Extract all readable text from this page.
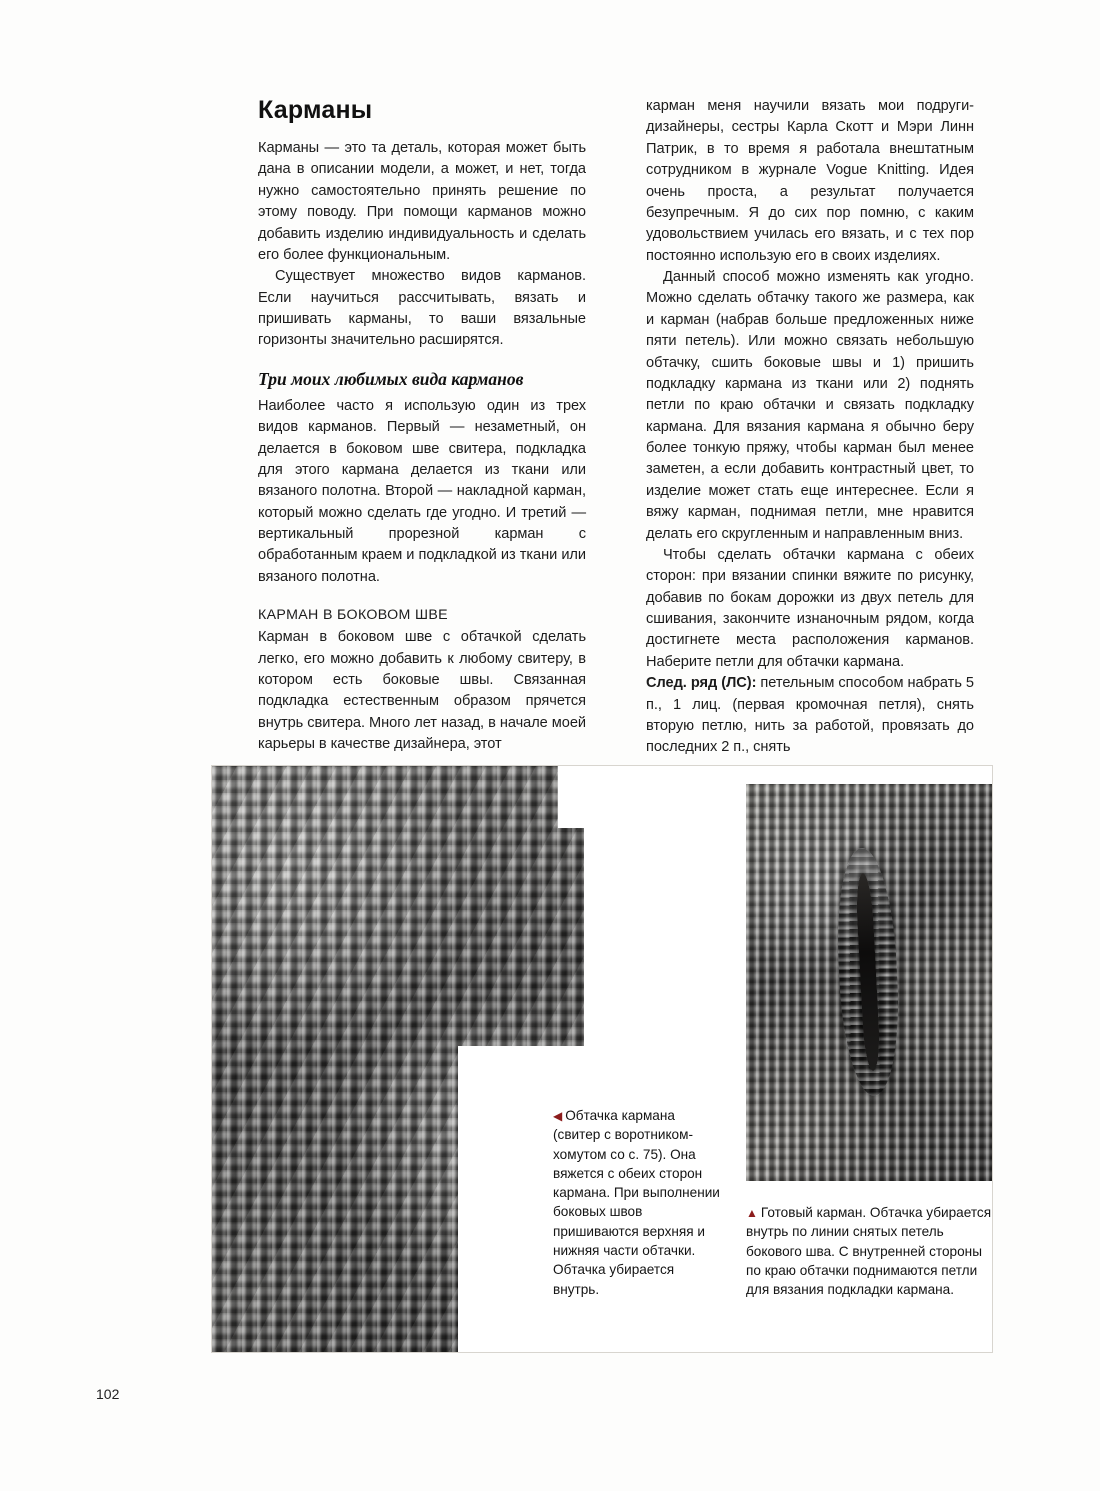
Карманы

Карманы — это та деталь, которая может быть дана в описании модели, а может, и нет, тогда нужно самостоятельно принять решение по этому поводу. При помощи карманов можно добавить изделию индивидуальность и сделать его более функциональным.

Существует множество видов карманов. Если научиться рассчитывать, вязать и пришивать карманы, то ваши вязальные горизонты значительно расширятся.

Три моих любимых вида карманов

Наиболее часто я использую один из трех видов карманов. Первый — незаметный, он делается в боковом шве свитера, подкладка для этого кармана делается из ткани или вязаного полотна. Второй — накладной карман, который можно сделать где угодно. И третий — вертикальный прорезной карман с обработанным краем и подкладкой из ткани или вязаного полотна.

КАРМАН В БОКОВОМ ШВЕ

Карман в боковом шве с обтачкой сделать легко, его можно добавить к любому свитеру, в котором есть боковые швы. Связанная подкладка естественным образом прячется внутрь свитера. Много лет назад, в начале моей карьеры в качестве дизайнера, этот

карман меня научили вязать мои подруги-дизайнеры, сестры Карла Скотт и Мэри Линн Патрик, в то время я работала внештатным сотрудником в журнале Vogue Knitting. Идея очень проста, а результат получается безупречным. Я до сих пор помню, с каким удовольствием училась его вязать, и с тех пор постоянно использую его в своих изделиях.

Данный способ можно изменять как угодно. Можно сделать обтачку такого же размера, как и карман (набрав больше предложенных ниже пяти петель). Или можно связать небольшую обтачку, сшить боковые швы и 1) пришить подкладку кармана из ткани или 2) поднять петли по краю обтачки и связать подкладку кармана. Для вязания кармана я обычно беру более тонкую пряжу, чтобы карман был менее заметен, а если добавить контрастный цвет, то изделие может стать еще интереснее. Если я вяжу карман, поднимая петли, мне нравится делать его скругленным и направленным вниз.

Чтобы сделать обтачки кармана с обеих сторон: при вязании спинки вяжите по рисунку, добавив по бокам дорожки из двух петель для сшивания, закончите изнаночным рядом, когда достигнете места расположения карманов. Наберите петли для обтачки кармана.

След. ряд (ЛС): петельным способом набрать 5 п., 1 лиц. (первая кромочная петля), снять вторую петлю, нить за работой, провязать до последних 2 п., снять

◀ Обтачка кармана (свитер с воротником-хомутом со с. 75). Она вяжется с обеих сторон кармана. При выполнении боковых швов пришиваются верхняя и нижняя части обтачки. Обтачка убирается внутрь.
▲ Готовый карман. Обтачка убирается внутрь по линии снятых петель бокового шва. С внутренней стороны по краю обтачки поднимаются петли для вязания подкладки кармана.
102
